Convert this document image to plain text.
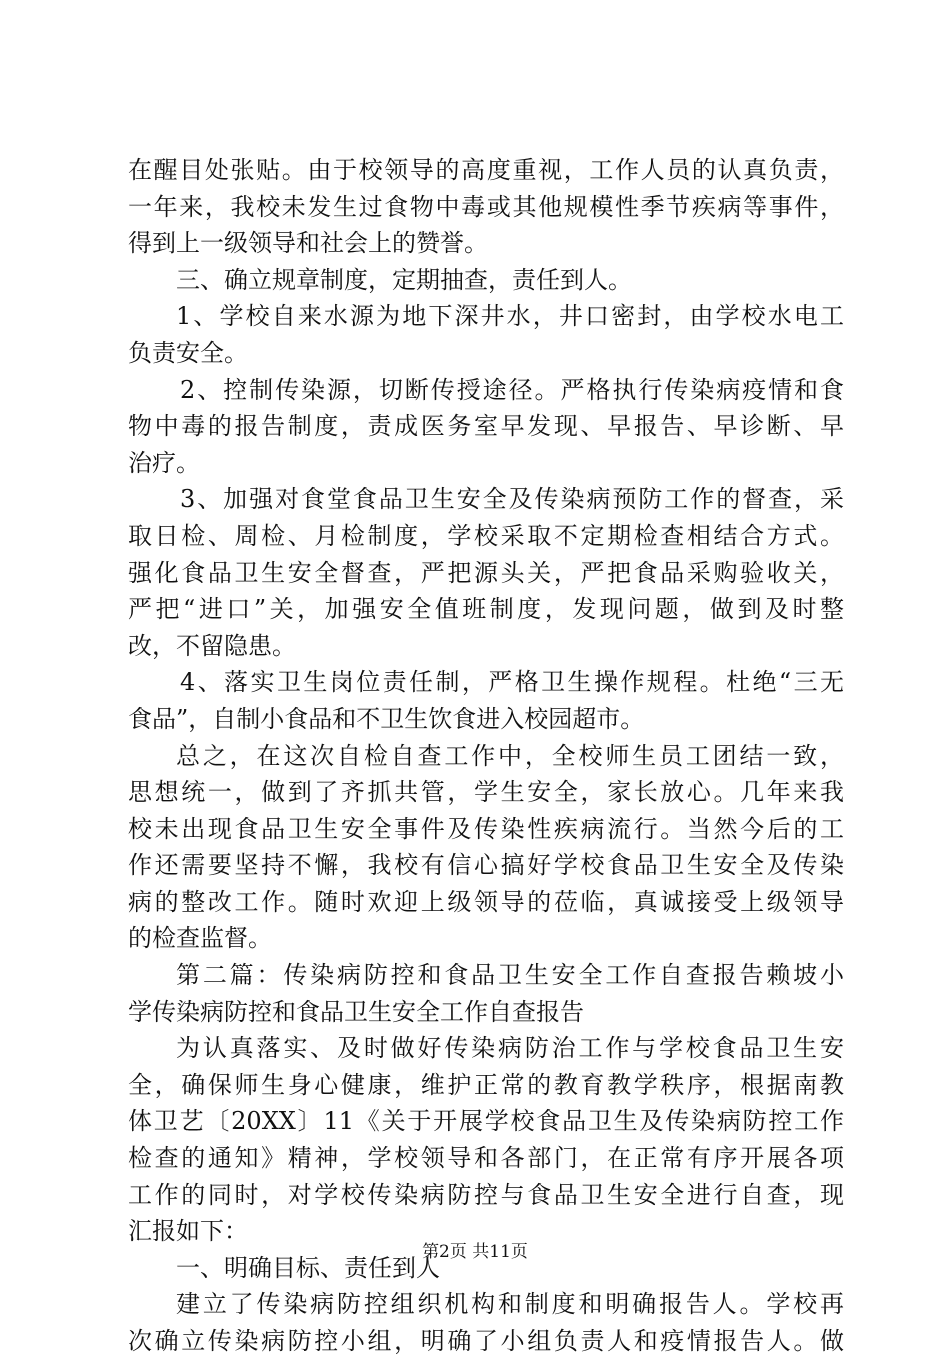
在醒目处张贴。由于校领导的高度重视，工作人员的认真负责，
一年来，我校未发生过食物中毒或其他规模性季节疾病等事件，
得到上一级领导和社会上的赞誉。
三、确立规章制度，定期抽查，责任到人。
1、学校自来水源为地下深井水，井口密封，由学校水电工
负责安全。
2、控制传染源，切断传授途径。严格执行传染病疫情和食
物中毒的报告制度，责成医务室早发现、早报告、早诊断、早
治疗。
3、加强对食堂食品卫生安全及传染病预防工作的督查，采
取日检、周检、月检制度，学校采取不定期检查相结合方式。
强化食品卫生安全督查，严把源头关，严把食品采购验收关，
严把“进口”关，加强安全值班制度，发现问题，做到及时整
改，不留隐患。
4、落实卫生岗位责任制，严格卫生操作规程。杜绝“三无
食品”，自制小食品和不卫生饮食进入校园超市。
总之，在这次自检自查工作中，全校师生员工团结一致，
思想统一，做到了齐抓共管，学生安全，家长放心。几年来我
校未出现食品卫生安全事件及传染性疾病流行。当然今后的工
作还需要坚持不懈，我校有信心搞好学校食品卫生安全及传染
病的整改工作。随时欢迎上级领导的莅临，真诚接受上级领导
的检查监督。
第二篇：传染病防控和食品卫生安全工作自查报告赖坡小
学传染病防控和食品卫生安全工作自查报告
为认真落实、及时做好传染病防治工作与学校食品卫生安
全，确保师生身心健康，维护正常的教育教学秩序，根据南教
体卫艺〔20XX〕11《关于开展学校食品卫生及传染病防控工作
检查的通知》精神，学校领导和各部门，在正常有序开展各项
工作的同时，对学校传染病防控与食品卫生安全进行自查，现
汇报如下：
一、明确目标、责任到人
建立了传染病防控组织机构和制度和明确报告人。学校再
次确立传染病防控小组，明确了小组负责人和疫情报告人。做
第2页 共11页
